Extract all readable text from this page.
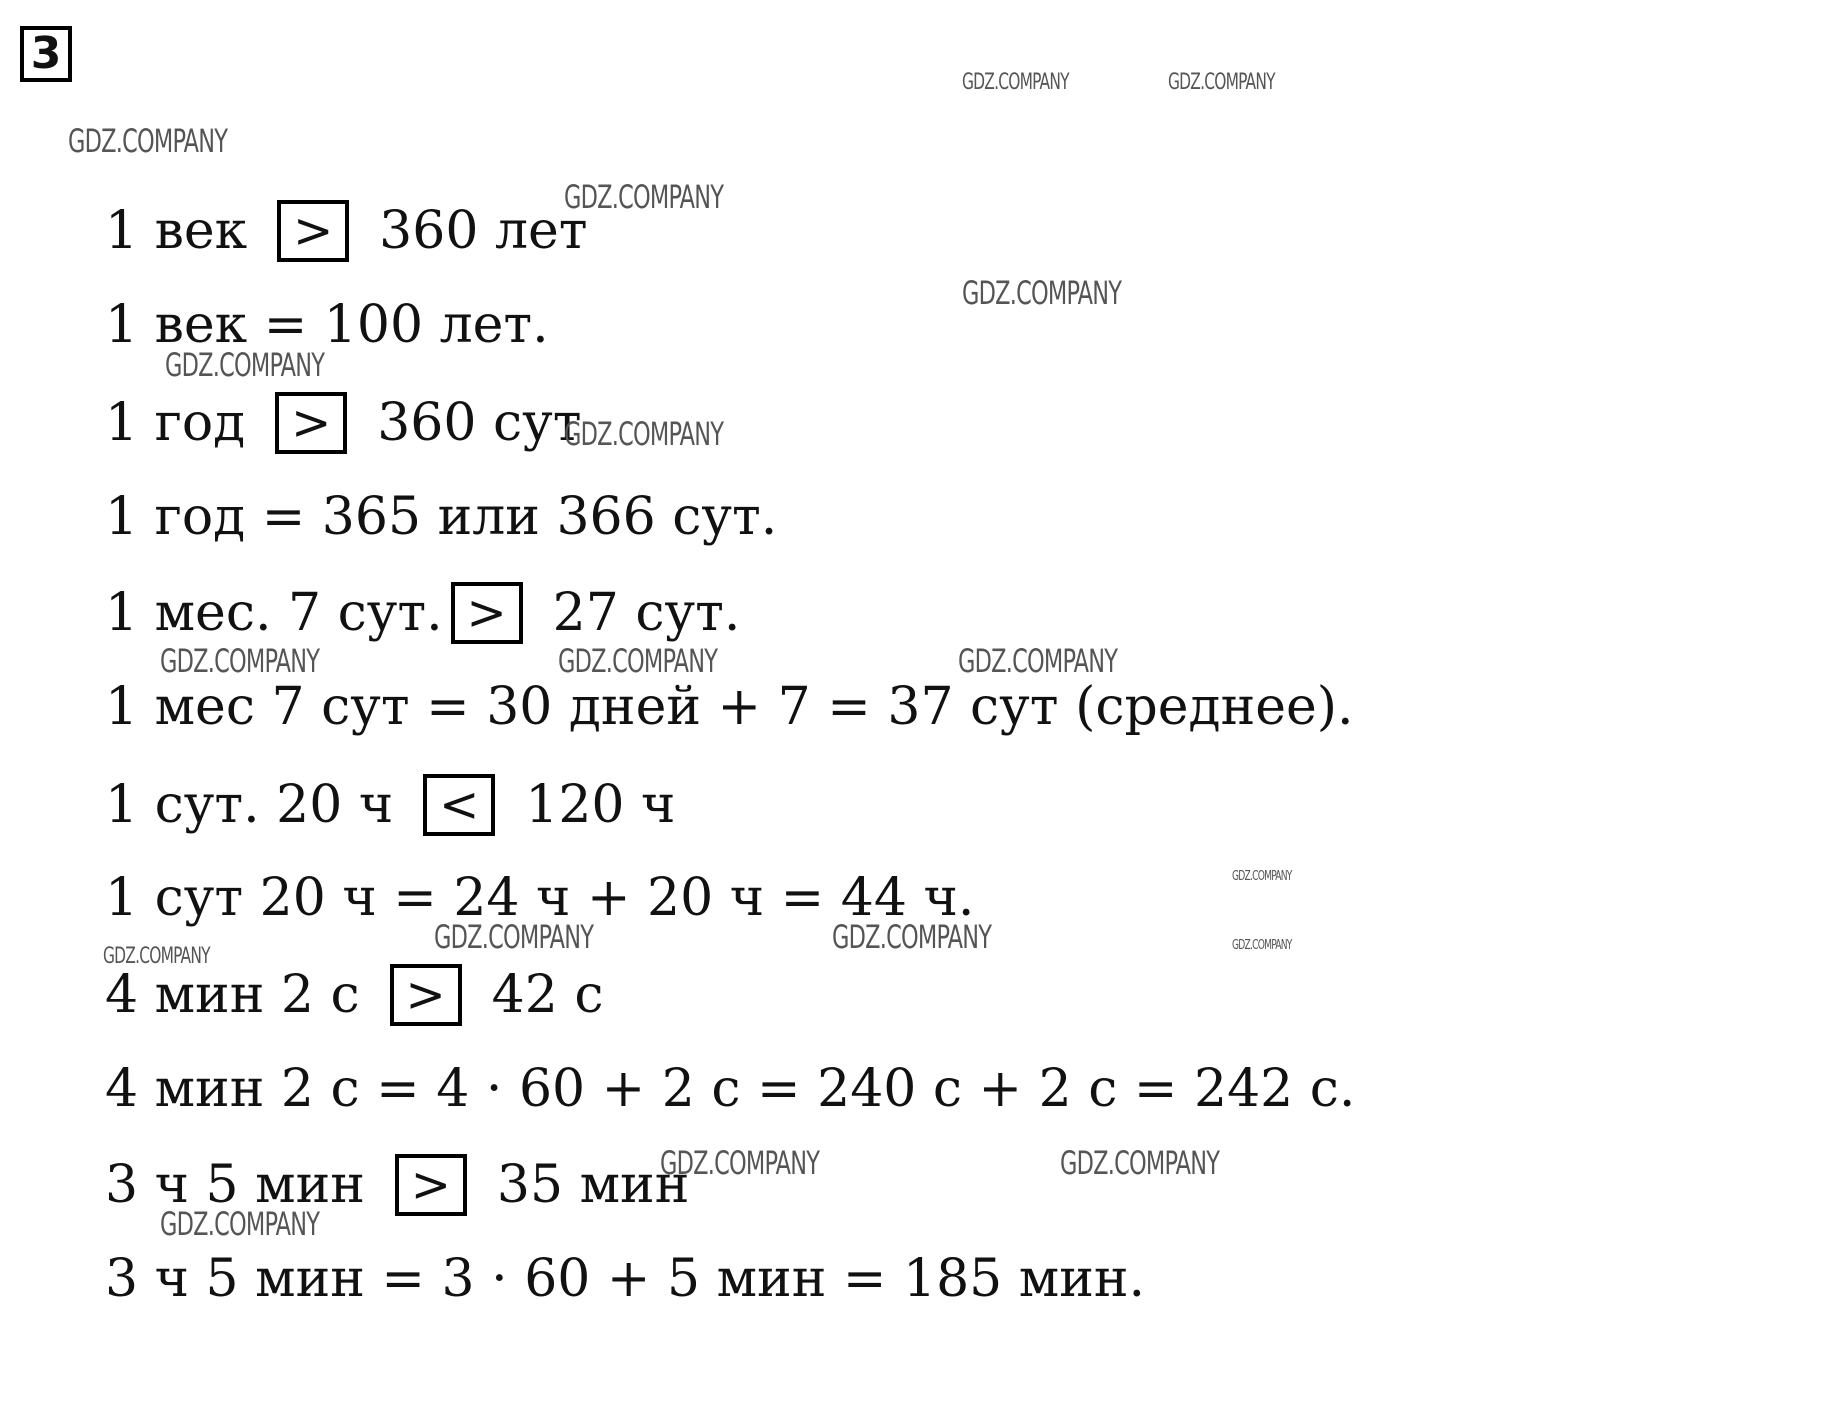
3
1 век > 360 лет
1 век = 100 лет.
1 год > 360 сут
1 год = 365 или 366 сут.
1 мес. 7 сут. > 27 сут.
1 мес 7 сут = 30 дней + 7 = 37 сут (среднее).
1 сут. 20 ч < 120 ч
1 сут 20 ч = 24 ч + 20 ч = 44 ч.
4 мин 2 с > 42 с
4 мин 2 с = 4 · 60 + 2 с = 240 с + 2 с = 242 с.
3 ч 5 мин > 35 мин
3 ч 5 мин = 3 · 60 + 5 мин = 185 мин.
GDZ.COMPANY	GDZ.COMPANY
GDZ.COMPANY
GDZ.COMPANY
GDZ.COMPANY
GDZ.COMPANY
GDZ.COMPANY
GDZ.COMPANY	GDZ.COMPANY	GDZ.COMPANY
GDZ.COMPANY
GDZ.COMPANY
GDZ.COMPANY	GDZ.COMPANY
GDZ.COMPANY
GDZ.COMPANY	GDZ.COMPANY
GDZ.COMPANY
